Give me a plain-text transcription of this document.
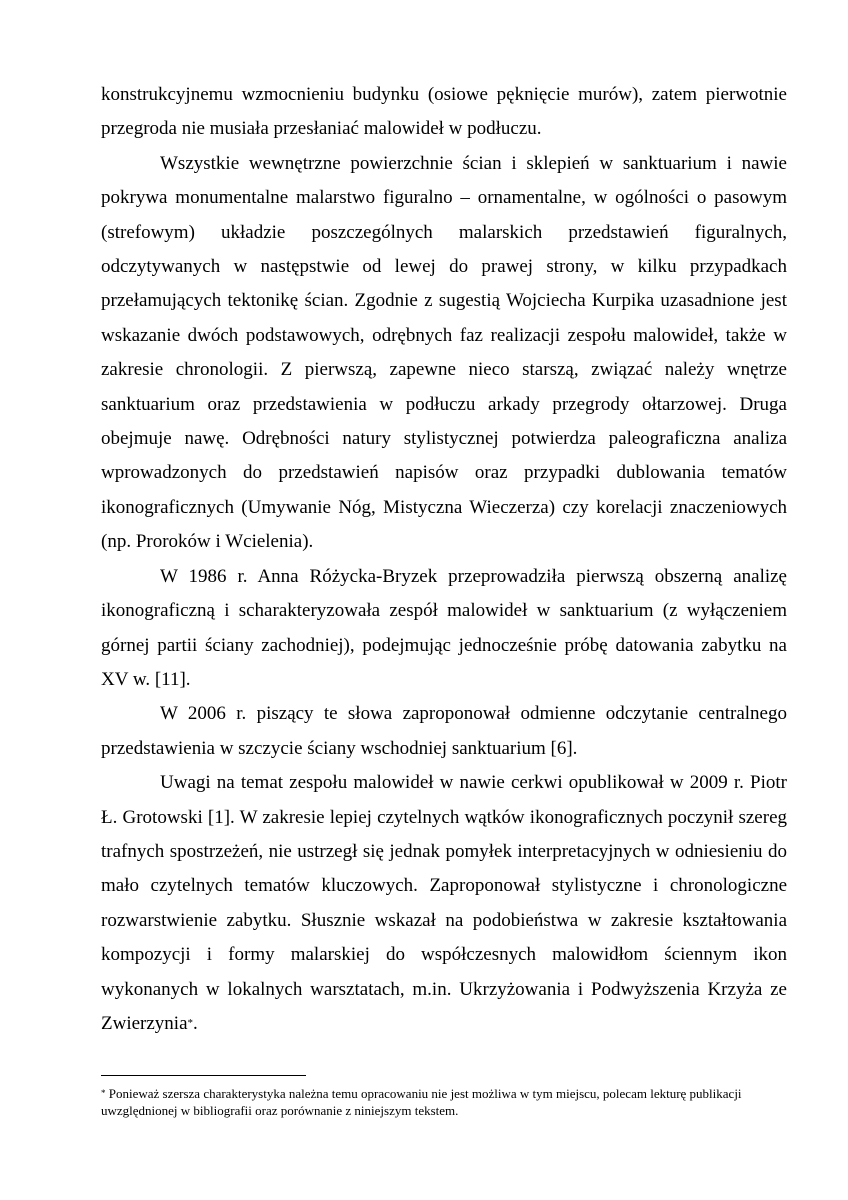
konstrukcyjnemu wzmocnieniu budynku (osiowe pęknięcie murów), zatem pierwotnie przegroda nie musiała przesłaniać malowideł w podłuczu.

Wszystkie wewnętrzne powierzchnie ścian i sklepień w sanktuarium i nawie pokrywa monumentalne malarstwo figuralno – ornamentalne, w ogólności o pasowym (strefowym) układzie poszczególnych malarskich przedstawień figuralnych, odczytywanych w następstwie od lewej do prawej strony, w kilku przypadkach przełamujących tektonikę ścian. Zgodnie z sugestią Wojciecha Kurpika uzasadnione jest wskazanie dwóch podstawowych, odrębnych faz realizacji zespołu malowideł, także w zakresie chronologii. Z pierwszą, zapewne nieco starszą, związać należy wnętrze sanktuarium oraz przedstawienia w podłuczu arkady przegrody ołtarzowej. Druga obejmuje nawę. Odrębności natury stylistycznej potwierdza paleograficzna analiza wprowadzonych do przedstawień napisów oraz przypadki dublowania tematów ikonograficznych (Umywanie Nóg, Mistyczna Wieczerza) czy korelacji znaczeniowych (np. Proroków i Wcielenia).

W 1986 r. Anna Różycka-Bryzek przeprowadziła pierwszą obszerną analizę ikonograficzną i scharakteryzowała zespół malowideł w sanktuarium (z wyłączeniem górnej partii ściany zachodniej), podejmując jednocześnie próbę datowania zabytku na XV w. [11].

W 2006 r. piszący te słowa zaproponował odmienne odczytanie centralnego przedstawienia w szczycie ściany wschodniej sanktuarium [6].

Uwagi na temat zespołu malowideł w nawie cerkwi opublikował w 2009 r. Piotr Ł. Grotowski [1]. W zakresie lepiej czytelnych wątków ikonograficznych poczynił szereg trafnych spostrzeżeń, nie ustrzegł się jednak pomyłek interpretacyjnych w odniesieniu do mało czytelnych tematów kluczowych. Zaproponował stylistyczne i chronologiczne rozwarstwienie zabytku. Słusznie wskazał na podobieństwa w zakresie kształtowania kompozycji i formy malarskiej do współczesnych malowidłom ściennym ikon wykonanych w lokalnych warsztatach, m.in. Ukrzyżowania i Podwyższenia Krzyża ze Zwierzynia*.

* Ponieważ szersza charakterystyka należna temu opracowaniu nie jest możliwa w tym miejscu, polecam lekturę publikacji uwzględnionej w bibliografii oraz porównanie z niniejszym tekstem.
